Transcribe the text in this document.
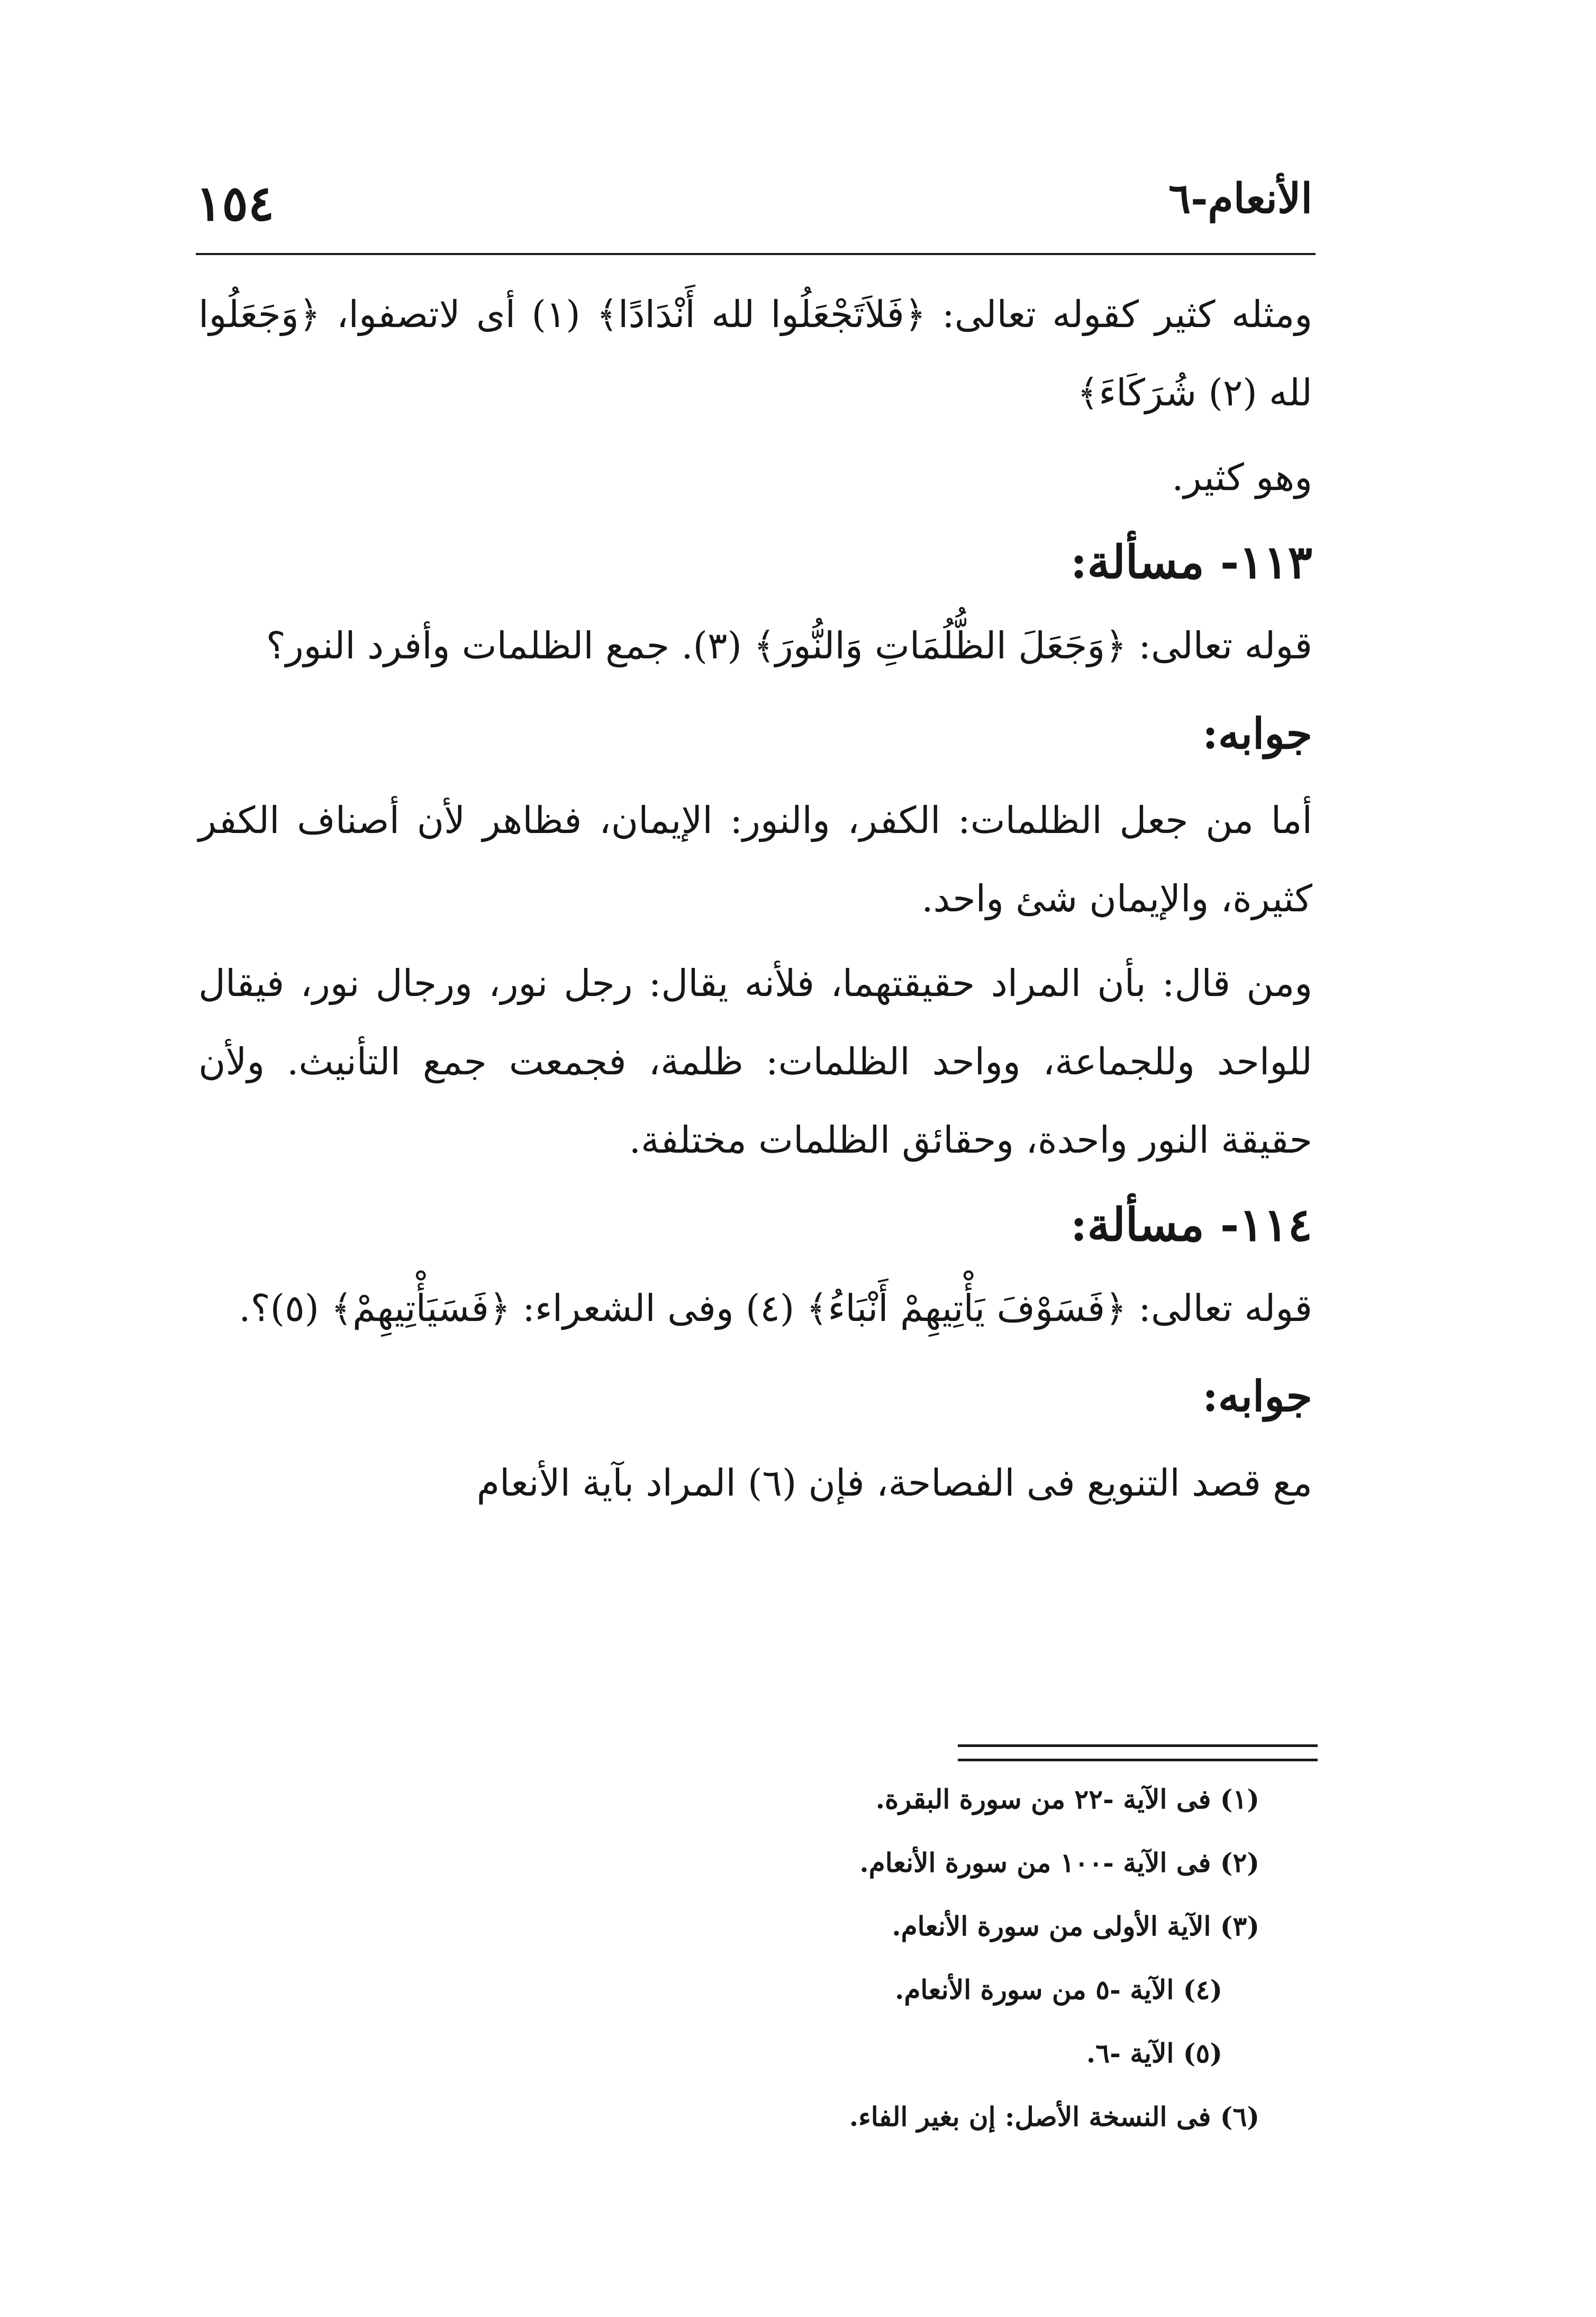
الأنعام-٦
١٥٤

ومثله كثير كقوله تعالى: ﴿فَلاَتَجْعَلُوا لله أَنْدَادًا﴾ (١) أى لاتصفوا، ﴿وَجَعَلُوا لله (٢) شُرَكَاءَ﴾

وهو كثير.

١١٣- مسألة:

قوله تعالى: ﴿وَجَعَلَ الظُّلُمَاتِ وَالنُّورَ﴾ (٣). جمع الظلمات وأفرد النور؟

جوابه:

أما من جعل الظلمات: الكفر، والنور: الإيمان، فظاهر لأن أصناف الكفر كثيرة، والإيمان شئ واحد.

ومن قال: بأن المراد حقيقتهما، فلأنه يقال: رجل نور، ورجال نور، فيقال للواحد وللجماعة، وواحد الظلمات: ظلمة، فجمعت جمع التأنيث. ولأن حقيقة النور واحدة، وحقائق الظلمات مختلفة.

١١٤- مسألة:

قوله تعالى: ﴿فَسَوْفَ يَأْتِيهِمْ أَنْبَاءُ﴾ (٤) وفى الشعراء: ﴿فَسَيَأْتِيهِمْ﴾ (٥)؟.

جوابه:

مع قصد التنويع فى الفصاحة، فإن (٦) المراد بآية الأنعام

(١) فى الآية -٢٢ من سورة البقرة.
(٢) فى الآية -١٠٠ من سورة الأنعام.
(٣) الآية الأولى من سورة الأنعام.
(٤) الآية -٥ من سورة الأنعام.
(٥) الآية -٦.
(٦) فى النسخة الأصل: إن بغير الفاء.
